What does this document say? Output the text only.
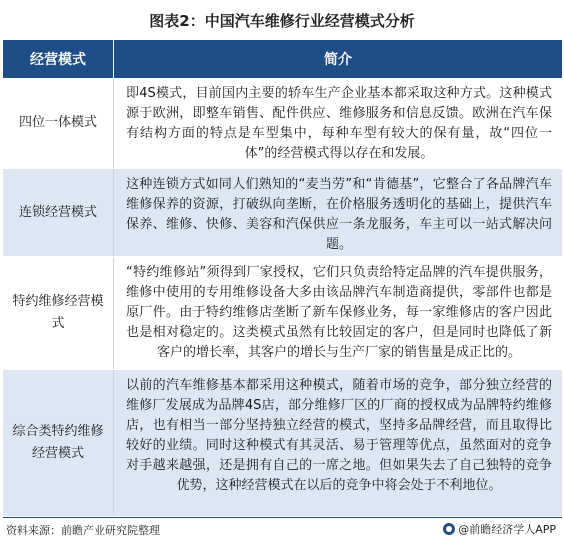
图表2：中国汽车维修行业经营模式分析
经营模式	简介
四位一体模式
即4S模式，目前国内主要的轿车生产企业基本都采取这种方式。这种模式源于欧洲，即整车销售、配件供应、维修服务和信息反馈。欧洲在汽车保有结构方面的特点是车型集中，每种车型有较大的保有量，故“四位一体”的经营模式得以存在和发展。
连锁经营模式
这种连锁方式如同人们熟知的“麦当劳”和“肯德基”，它整合了各品牌汽车维修保养的资源，打破纵向垄断，在价格服务透明化的基础上，提供汽车保养、维修、快修、美容和汽保供应一条龙服务，车主可以一站式解决问题。
特约维修经营模式
“特约维修站”须得到厂家授权，它们只负责给特定品牌的汽车提供服务，维修中使用的专用维修设备大多由该品牌汽车制造商提供，零部件也都是原厂件。由于特约维修店垄断了新车保修业务，每一家维修店的客户因此也是相对稳定的。这类模式虽然有比较固定的客户，但是同时也降低了新客户的增长率，其客户的增长与生产厂家的销售量是成正比的。
综合类特约维修经营模式
以前的汽车维修基本都采用这种模式，随着市场的竞争，部分独立经营的维修厂发展成为品牌4S店，部分维修厂区的厂商的授权成为品牌特约维修店，也有相当一部分坚持独立经营的模式，坚持多品牌经营，而且取得比较好的业绩。同时这种模式有其灵活、易于管理等优点，虽然面对的竞争对手越来越强，还是拥有自己的一席之地。但如果失去了自己独特的竞争优势，这种经营模式在以后的竞争中将会处于不利地位。
资料来源：前瞻产业研究院整理	@前瞻经济学人APP
